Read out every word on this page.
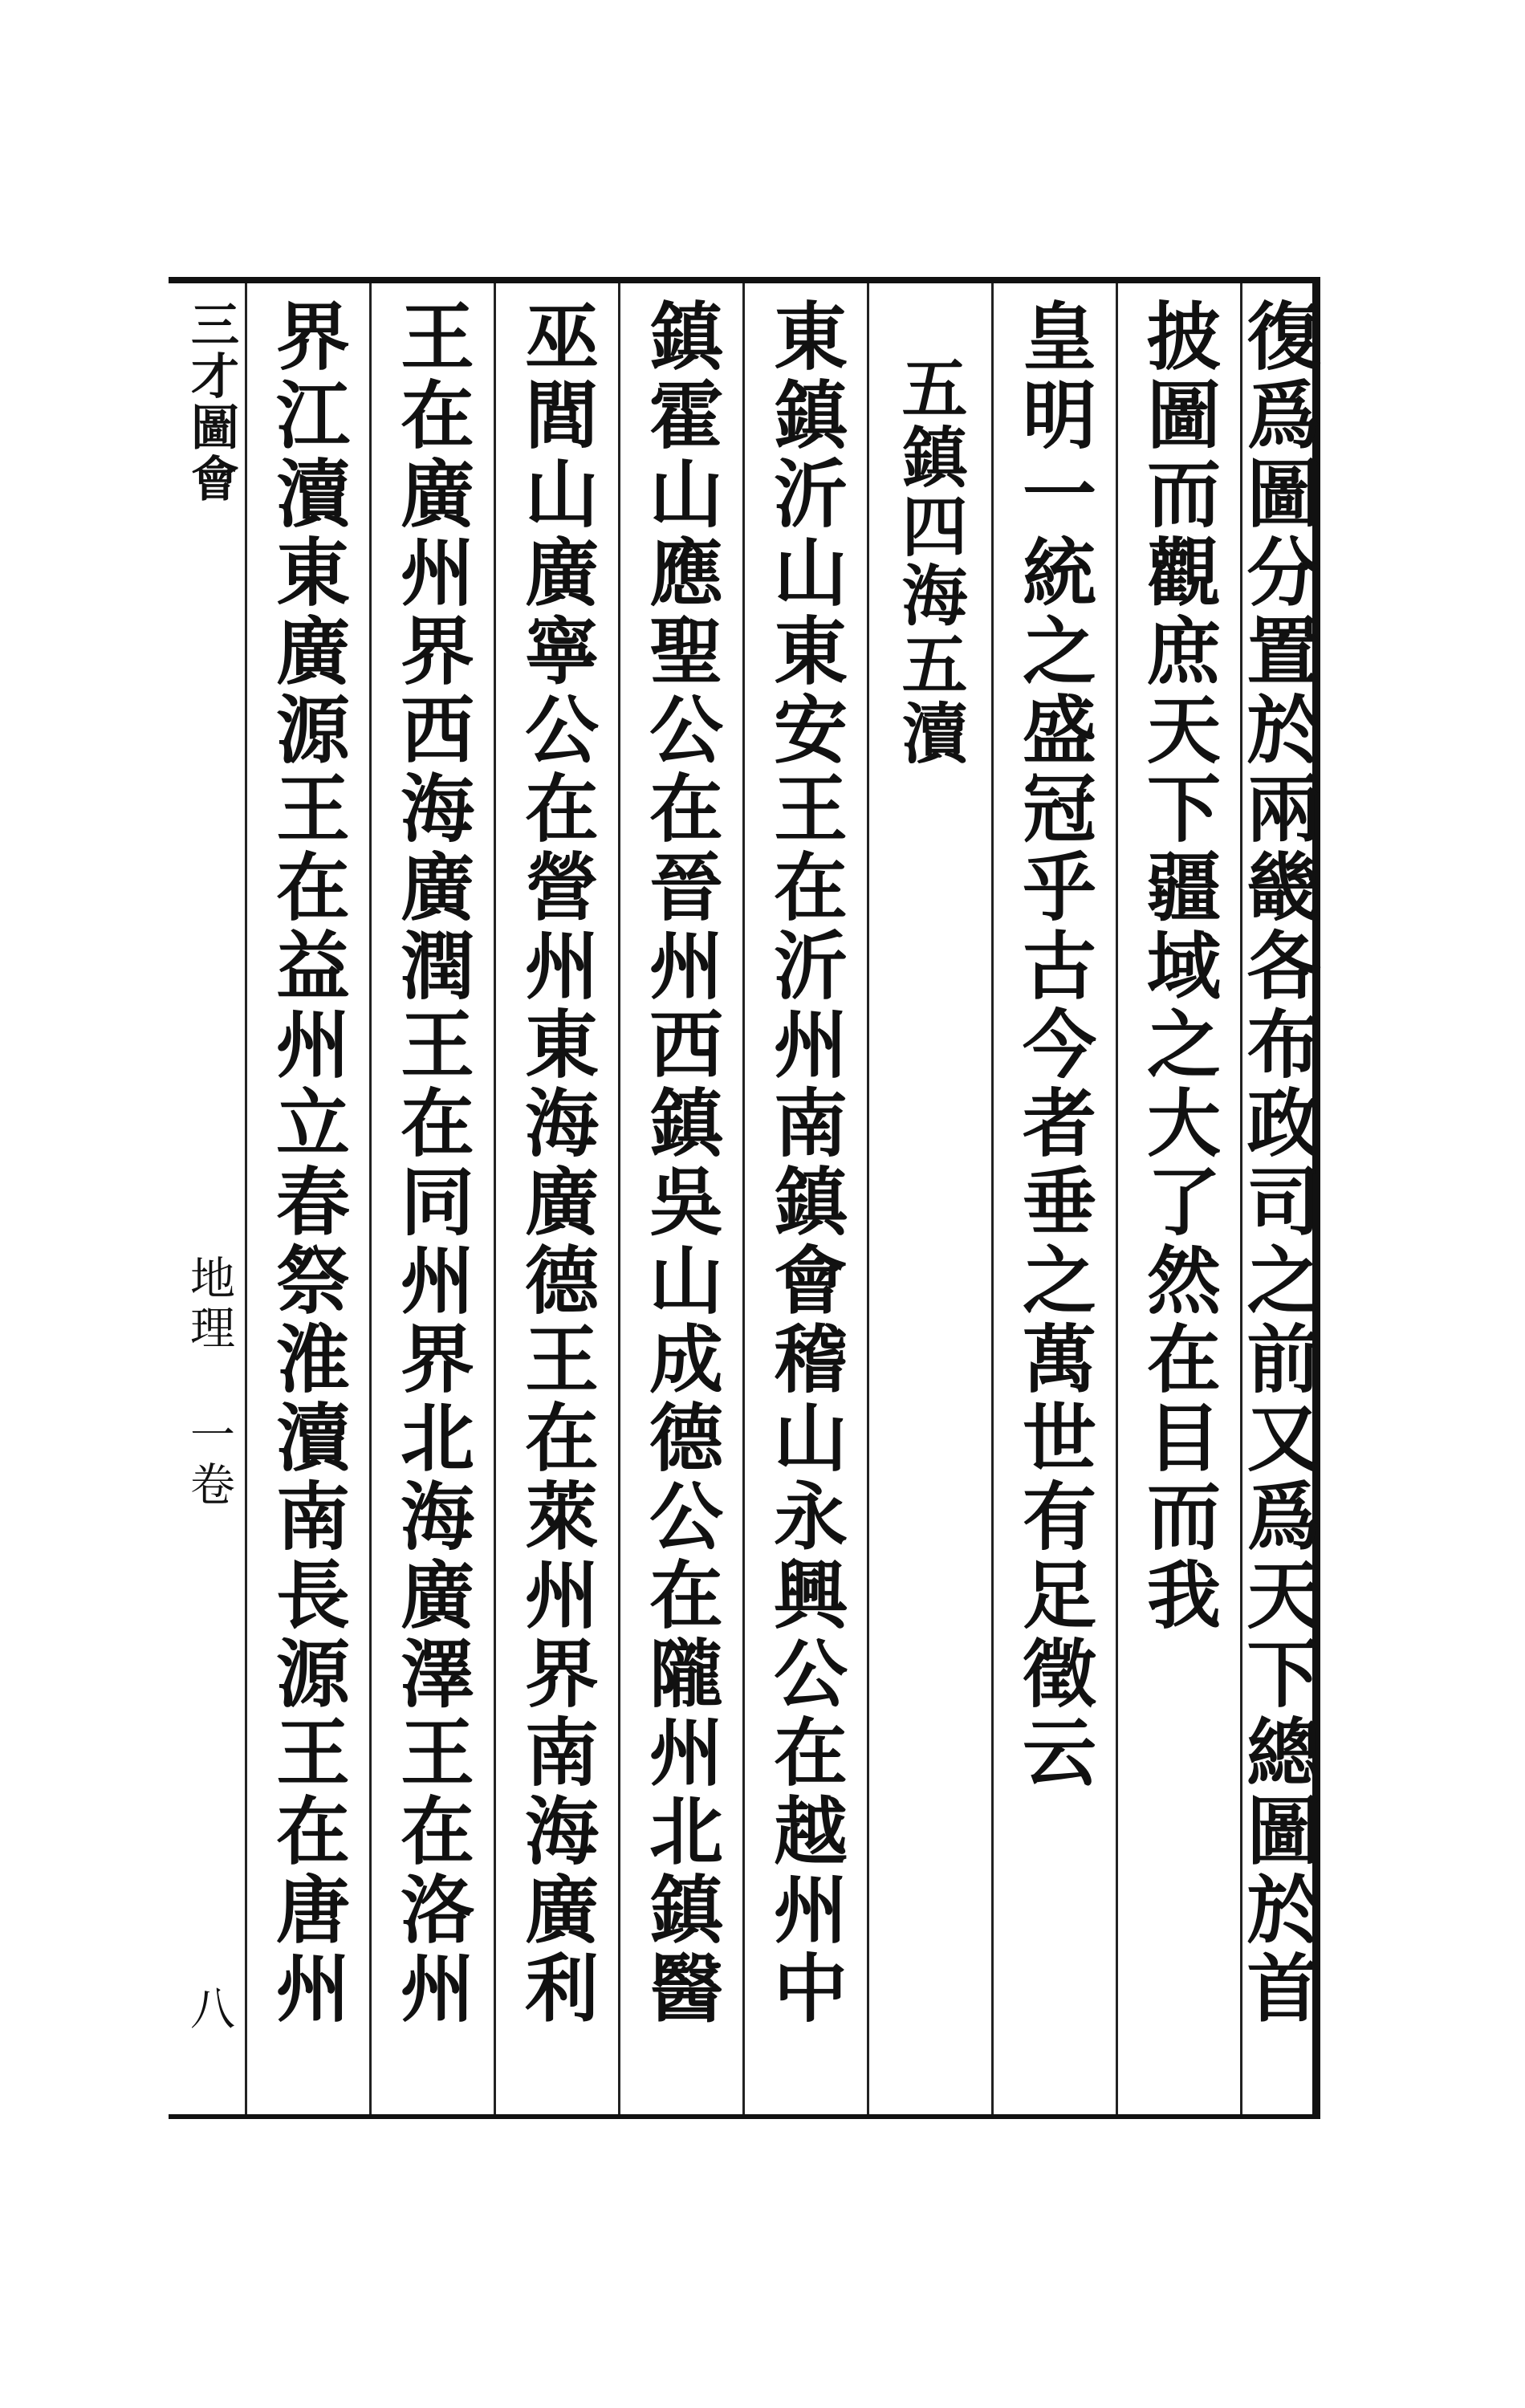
三才圖會
地理 一卷
八	復爲圖分置於兩畿各布政司之前又爲天下總圖於首
披圖而觀庶天下疆域之大了然在目而我
皇明一統之盛冠乎古今者垂之萬世有足徵云
五鎮四海五瀆
東鎮沂山東安王在沂州南鎮會稽山永興公在越州中
鎮霍山應聖公在晉州西鎮吳山成德公在隴州北鎮醫
巫閭山廣寧公在營州東海廣德王在萊州界南海廣利
王在廣州界西海廣潤王在同州界北海廣澤王在洛州
界江瀆東廣源王在益州立春祭淮瀆南長源王在唐州
